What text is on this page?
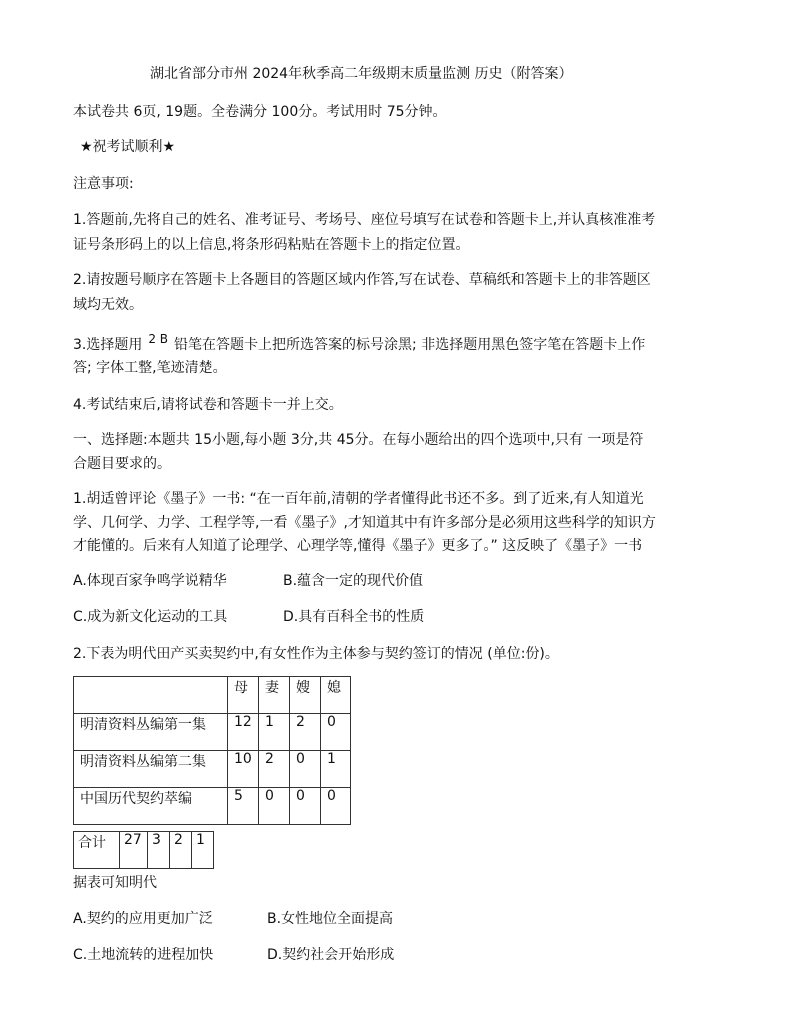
湖北省部分市州 2024年秋季高二年级期末质量监测 历史（附答案）
本试卷共 6页, 19题。全卷满分 100分。考试用时 75分钟。
★祝考试顺利★
注意事项:
1.答题前,先将自己的姓名、准考证号、考场号、座位号填写在试卷和答题卡上,并认真核准准考
证号条形码上的以上信息,将条形码粘贴在答题卡上的指定位置。
2.请按题号顺序在答题卡上各题目的答题区域内作答,写在试卷、草稿纸和答题卡上的非答题区
域均无效。
3.选择题用 2 B 铅笔在答题卡上把所选答案的标号涂黑; 非选择题用黑色签字笔在答题卡上作
答; 字体工整,笔迹清楚。
4.考试结束后,请将试卷和答题卡一并上交。
一、选择题:本题共 15小题,每小题 3分,共 45分。在每小题给出的四个选项中,只有 一项是符
合题目要求的。
1.胡适曾评论《墨子》一书: “在一百年前,清朝的学者懂得此书还不多。到了近来,有人知道光
学、几何学、力学、工程学等,一看《墨子》,才知道其中有许多部分是必须用这些科学的知识方
才能懂的。后来有人知道了论理学、心理学等,懂得《墨子》更多了。” 这反映了《墨子》一书
A.体现百家争鸣学说精华	B.蕴含一定的现代价值
C.成为新文化运动的工具	D.具有百科全书的性质
2.下表为明代田产买卖契约中,有女性作为主体参与契约签订的情况 (单位:份)。
	母	妻	嫂	媳
明清资料丛编第一集	12	1	2	0
明清资料丛编第二集	10	2	0	1
中国历代契约萃编	5	0	0	0
合计	27	3	2	1
据表可知明代
A.契约的应用更加广泛	B.女性地位全面提高
C.土地流转的进程加快	D.契约社会开始形成
